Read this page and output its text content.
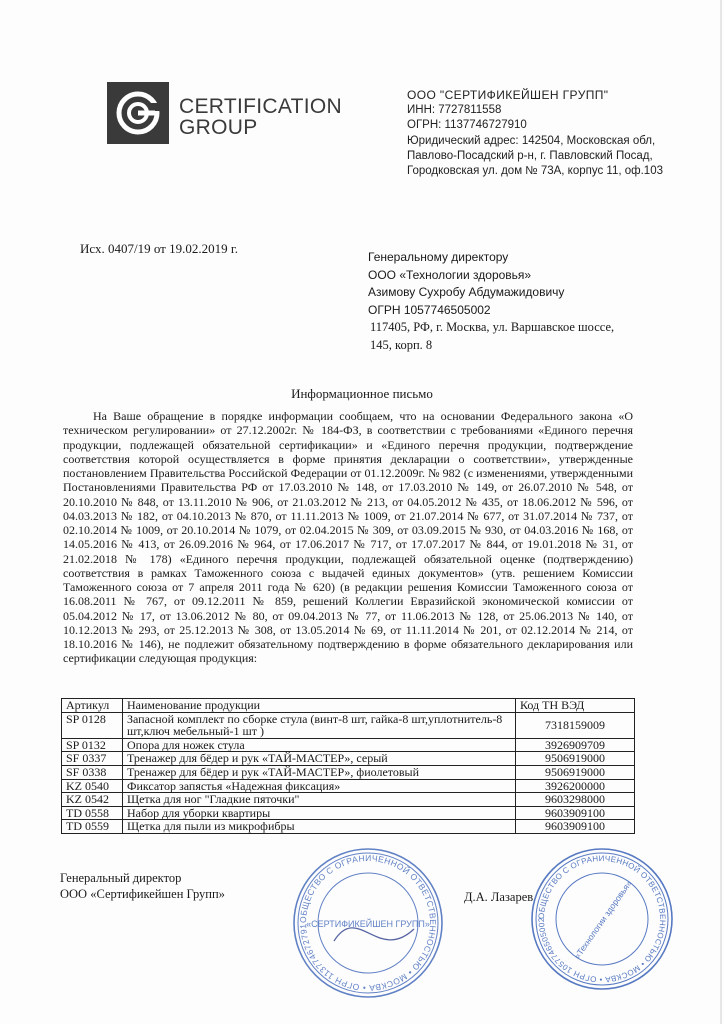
CERTIFICATION
GROUP
ООО "СЕРТИФИКЕЙШЕН ГРУПП"
ИНН: 7727811558
ОГРН: 1137746727910
Юридический адрес: 142504, Московская обл,
Павлово-Посадский р-н, г. Павловский Посад,
Городковская ул. дом № 73А, корпус 11, оф.103
Исх. 0407/19 от 19.02.2019 г.
Генеральному директору
ООО «Технологии здоровья»
Азимову Сухробу Абдумажидовичу
ОГРН 1057746505002
117405, РФ, г. Москва, ул. Варшавское шоссе,
145, корп. 8
Информационное письмо

На Ваше обращение в порядке информации сообщаем, что на основании Федерального закона «О техническом регулировании» от 27.12.2002г. № 184-ФЗ, в соответствии с требованиями «Единого перечня продукции, подлежащей обязательной сертификации» и «Единого перечня продукции, подтверждение соответствия которой осуществляется в форме принятия декларации о соответствии», утвержденные постановлением Правительства Российской Федерации от 01.12.2009г. № 982 (с изменениями, утвержденными Постановлениями Правительства РФ от 17.03.2010 № 148, от 17.03.2010 № 149, от 26.07.2010 № 548, от 20.10.2010 № 848, от 13.11.2010 № 906, от 21.03.2012 № 213, от 04.05.2012 № 435, от 18.06.2012 № 596, от 04.03.2013 № 182, от 04.10.2013 № 870, от 11.11.2013 № 1009, от 21.07.2014 № 677, от 31.07.2014 № 737, от 02.10.2014 № 1009, от 20.10.2014 № 1079, от 02.04.2015 № 309, от 03.09.2015 № 930, от 04.03.2016 № 168, от 14.05.2016 № 413, от 26.09.2016 № 964, от 17.06.2017 № 717, от 17.07.2017 № 844, от 19.01.2018 № 31, от 21.02.2018 № 178) «Единого перечня продукции, подлежащей обязательной оценке (подтверждению) соответствия в рамках Таможенного союза с выдачей единых документов» (утв. решением Комиссии Таможенного союза от 7 апреля 2011 года № 620) (в редакции решения Комиссии Таможенного союза от 16.08.2011 № 767, от 09.12.2011 № 859, решений Коллегии Евразийской экономической комиссии от 05.04.2012 № 17, от 13.06.2012 № 80, от 09.04.2013 № 77, от 11.06.2013 № 128, от 25.06.2013 № 140, от 10.12.2013 № 293, от 25.12.2013 № 308, от 13.05.2014 № 69, от 11.11.2014 № 201, от 02.12.2014 № 214, от 18.10.2016 № 146), не подлежит обязательному подтверждению в форме обязательного декларирования или сертификации следующая продукция:

Артикул	Наименование продукции	Код ТН ВЭД
SP 0128	Запасной комплект по сборке стула (винт-8 шт, гайка-8 шт,уплотнитель-8 шт,ключ мебельный-1 шт )	7318159009
SP 0132	Опора для ножек стула	3926909709
SF 0337	Тренажер для бёдер и рук «ТАЙ-МАСТЕР», серый	9506919000
SF 0338	Тренажер для бёдер и рук «ТАЙ-МАСТЕР», фиолетовый	9506919000
KZ 0540	Фиксатор запястья «Надежная фиксация»	3926200000
KZ 0542	Щетка для ног "Гладкие пяточки"	9603298000
TD 0558	Набор для уборки квартиры	9603909100
TD 0559	Щетка для пыли из микрофибры	9603909100
Генеральный директор
ООО «Сертификейшен Групп»	Д.А. Лазарев
ОБЩЕСТВО С ОГРАНИЧЕННОЙ ОТВЕТСТВЕННОСТЬЮ • МОСКВА • ОГРН 113774672791
«СЕРТИФИКЕЙШЕН ГРУПП»
ОБЩЕСТВО С ОГРАНИЧЕННОЙ ОТВЕТСТВЕННОСТЬЮ • МОСКВА • ОГРН 1057746505002	«Технологии здоровья»
